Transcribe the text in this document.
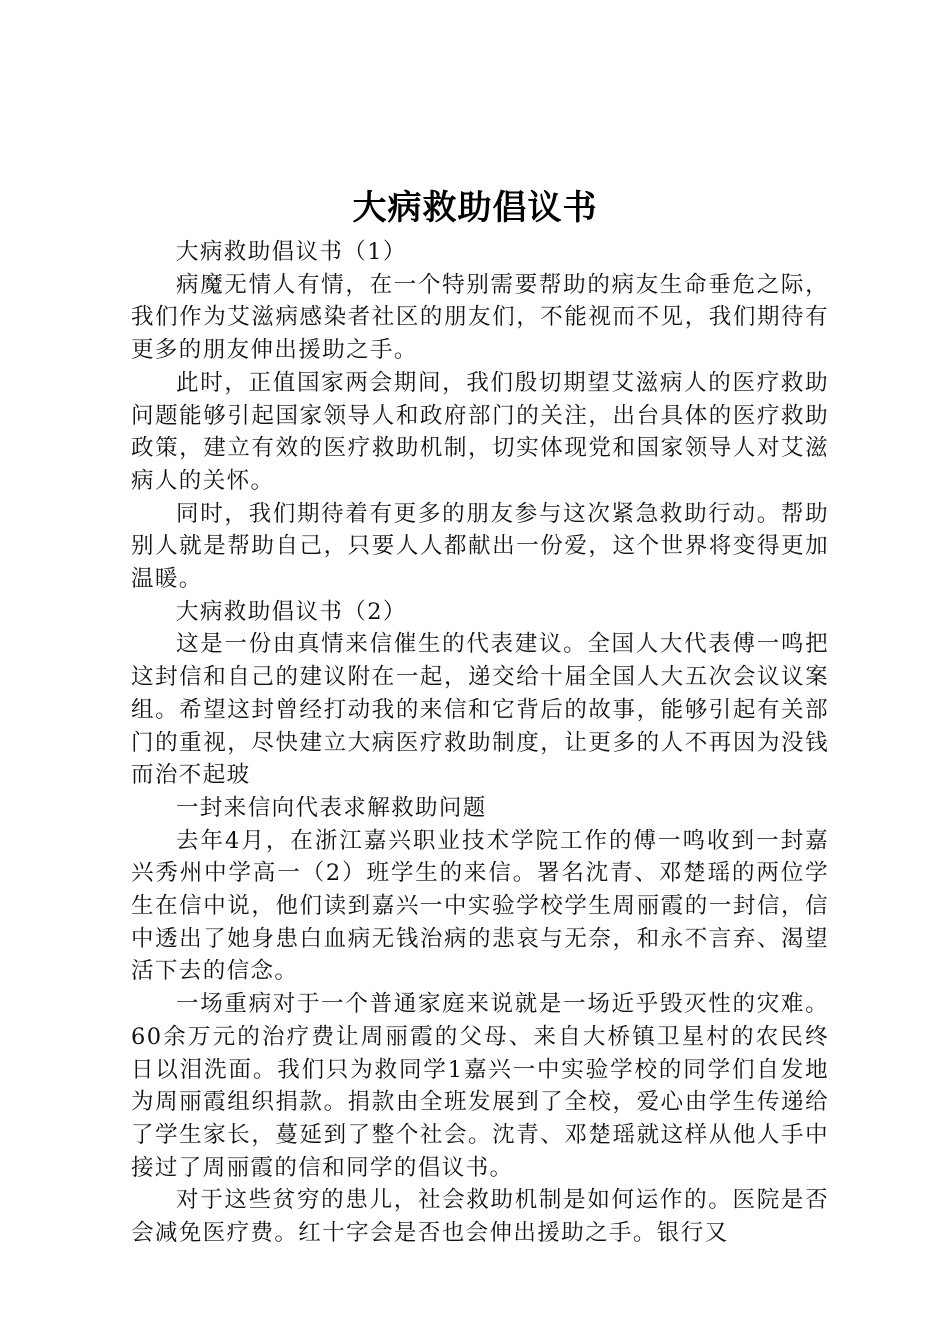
大病救助倡议书

大病救助倡议书（1）

病魔无情人有情，在一个特别需要帮助的病友生命垂危之际，我们作为艾滋病感染者社区的朋友们，不能视而不见，我们期待有更多的朋友伸出援助之手。

此时，正值国家两会期间，我们殷切期望艾滋病人的医疗救助问题能够引起国家领导人和政府部门的关注，出台具体的医疗救助政策，建立有效的医疗救助机制，切实体现党和国家领导人对艾滋病人的关怀。

同时，我们期待着有更多的朋友参与这次紧急救助行动。帮助别人就是帮助自己，只要人人都献出一份爱，这个世界将变得更加温暖。

大病救助倡议书（2）

这是一份由真情来信催生的代表建议。全国人大代表傅一鸣把这封信和自己的建议附在一起，递交给十届全国人大五次会议议案组。希望这封曾经打动我的来信和它背后的故事，能够引起有关部门的重视，尽快建立大病医疗救助制度，让更多的人不再因为没钱而治不起玻

一封来信向代表求解救助问题

去年4月，在浙江嘉兴职业技术学院工作的傅一鸣收到一封嘉兴秀州中学高一（2）班学生的来信。署名沈青、邓楚瑶的两位学生在信中说，他们读到嘉兴一中实验学校学生周丽霞的一封信，信中透出了她身患白血病无钱治病的悲哀与无奈，和永不言弃、渴望活下去的信念。

一场重病对于一个普通家庭来说就是一场近乎毁灭性的灾难。60余万元的治疗费让周丽霞的父母、来自大桥镇卫星村的农民终日以泪洗面。我们只为救同学1嘉兴一中实验学校的同学们自发地为周丽霞组织捐款。捐款由全班发展到了全校，爱心由学生传递给了学生家长，蔓延到了整个社会。沈青、邓楚瑶就这样从他人手中接过了周丽霞的信和同学的倡议书。

对于这些贫穷的患儿，社会救助机制是如何运作的。医院是否会减免医疗费。红十字会是否也会伸出援助之手。银行又
